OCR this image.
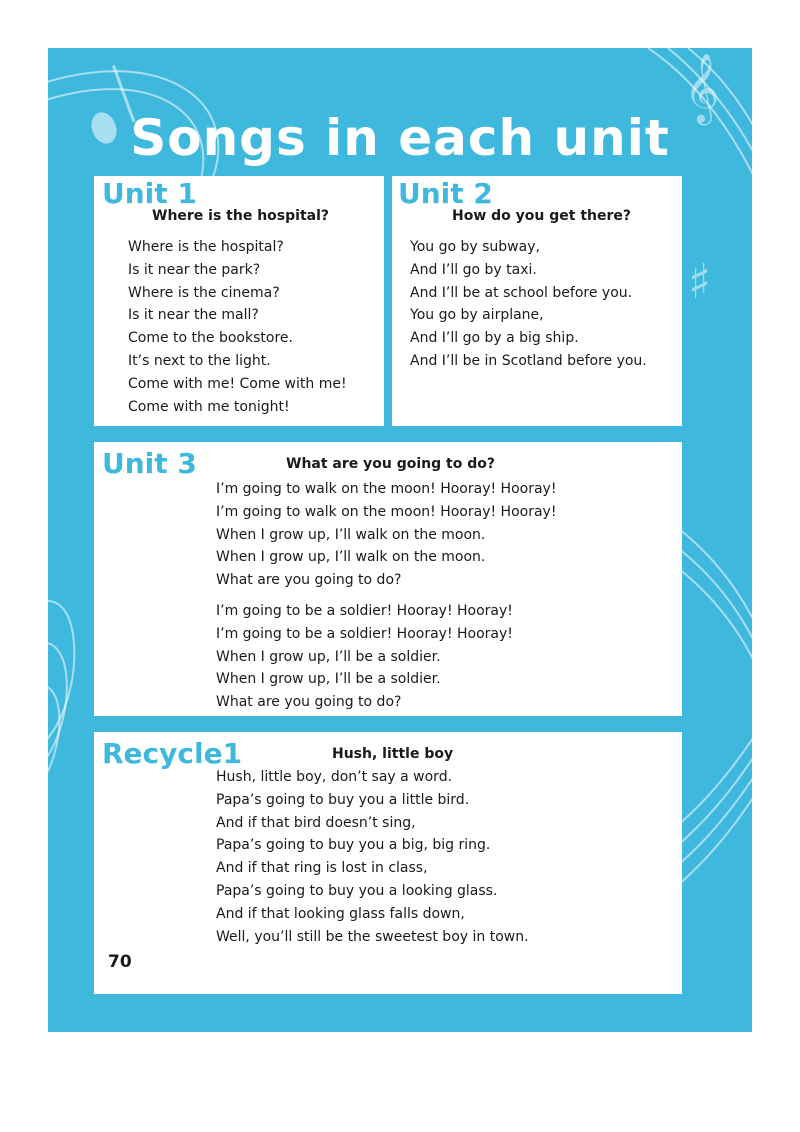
𝄞
♯
Songs in each unit
Unit 1
Where is the hospital?
Where is the hospital?
Is it near the park?
Where is the cinema?
Is it near the mall?
Come to the bookstore.
It’s next to the light.
Come with me! Come with me!
Come with me tonight!
Unit 2
How do you get there?
You go by subway,
And I’ll go by taxi.
And I’ll be at school before you.
You go by airplane,
And I’ll go by a big ship.
And I’ll be in Scotland before you.
Unit 3	What are you going to do?
I’m going to walk on the moon! Hooray! Hooray!
I’m going to walk on the moon! Hooray! Hooray!
When I grow up, I’ll walk on the moon.
When I grow up, I’ll walk on the moon.
What are you going to do?
I’m going to be a soldier! Hooray! Hooray!
I’m going to be a soldier! Hooray! Hooray!
When I grow up, I’ll be a soldier.
When I grow up, I’ll be a soldier.
What are you going to do?
Recycle1	Hush, little boy
Hush, little boy, don’t say a word.
Papa’s going to buy you a little bird.
And if that bird doesn’t sing,
Papa’s going to buy you a big, big ring.
And if that ring is lost in class,
Papa’s going to buy you a looking glass.
And if that looking glass falls down,
Well, you’ll still be the sweetest boy in town.
70
